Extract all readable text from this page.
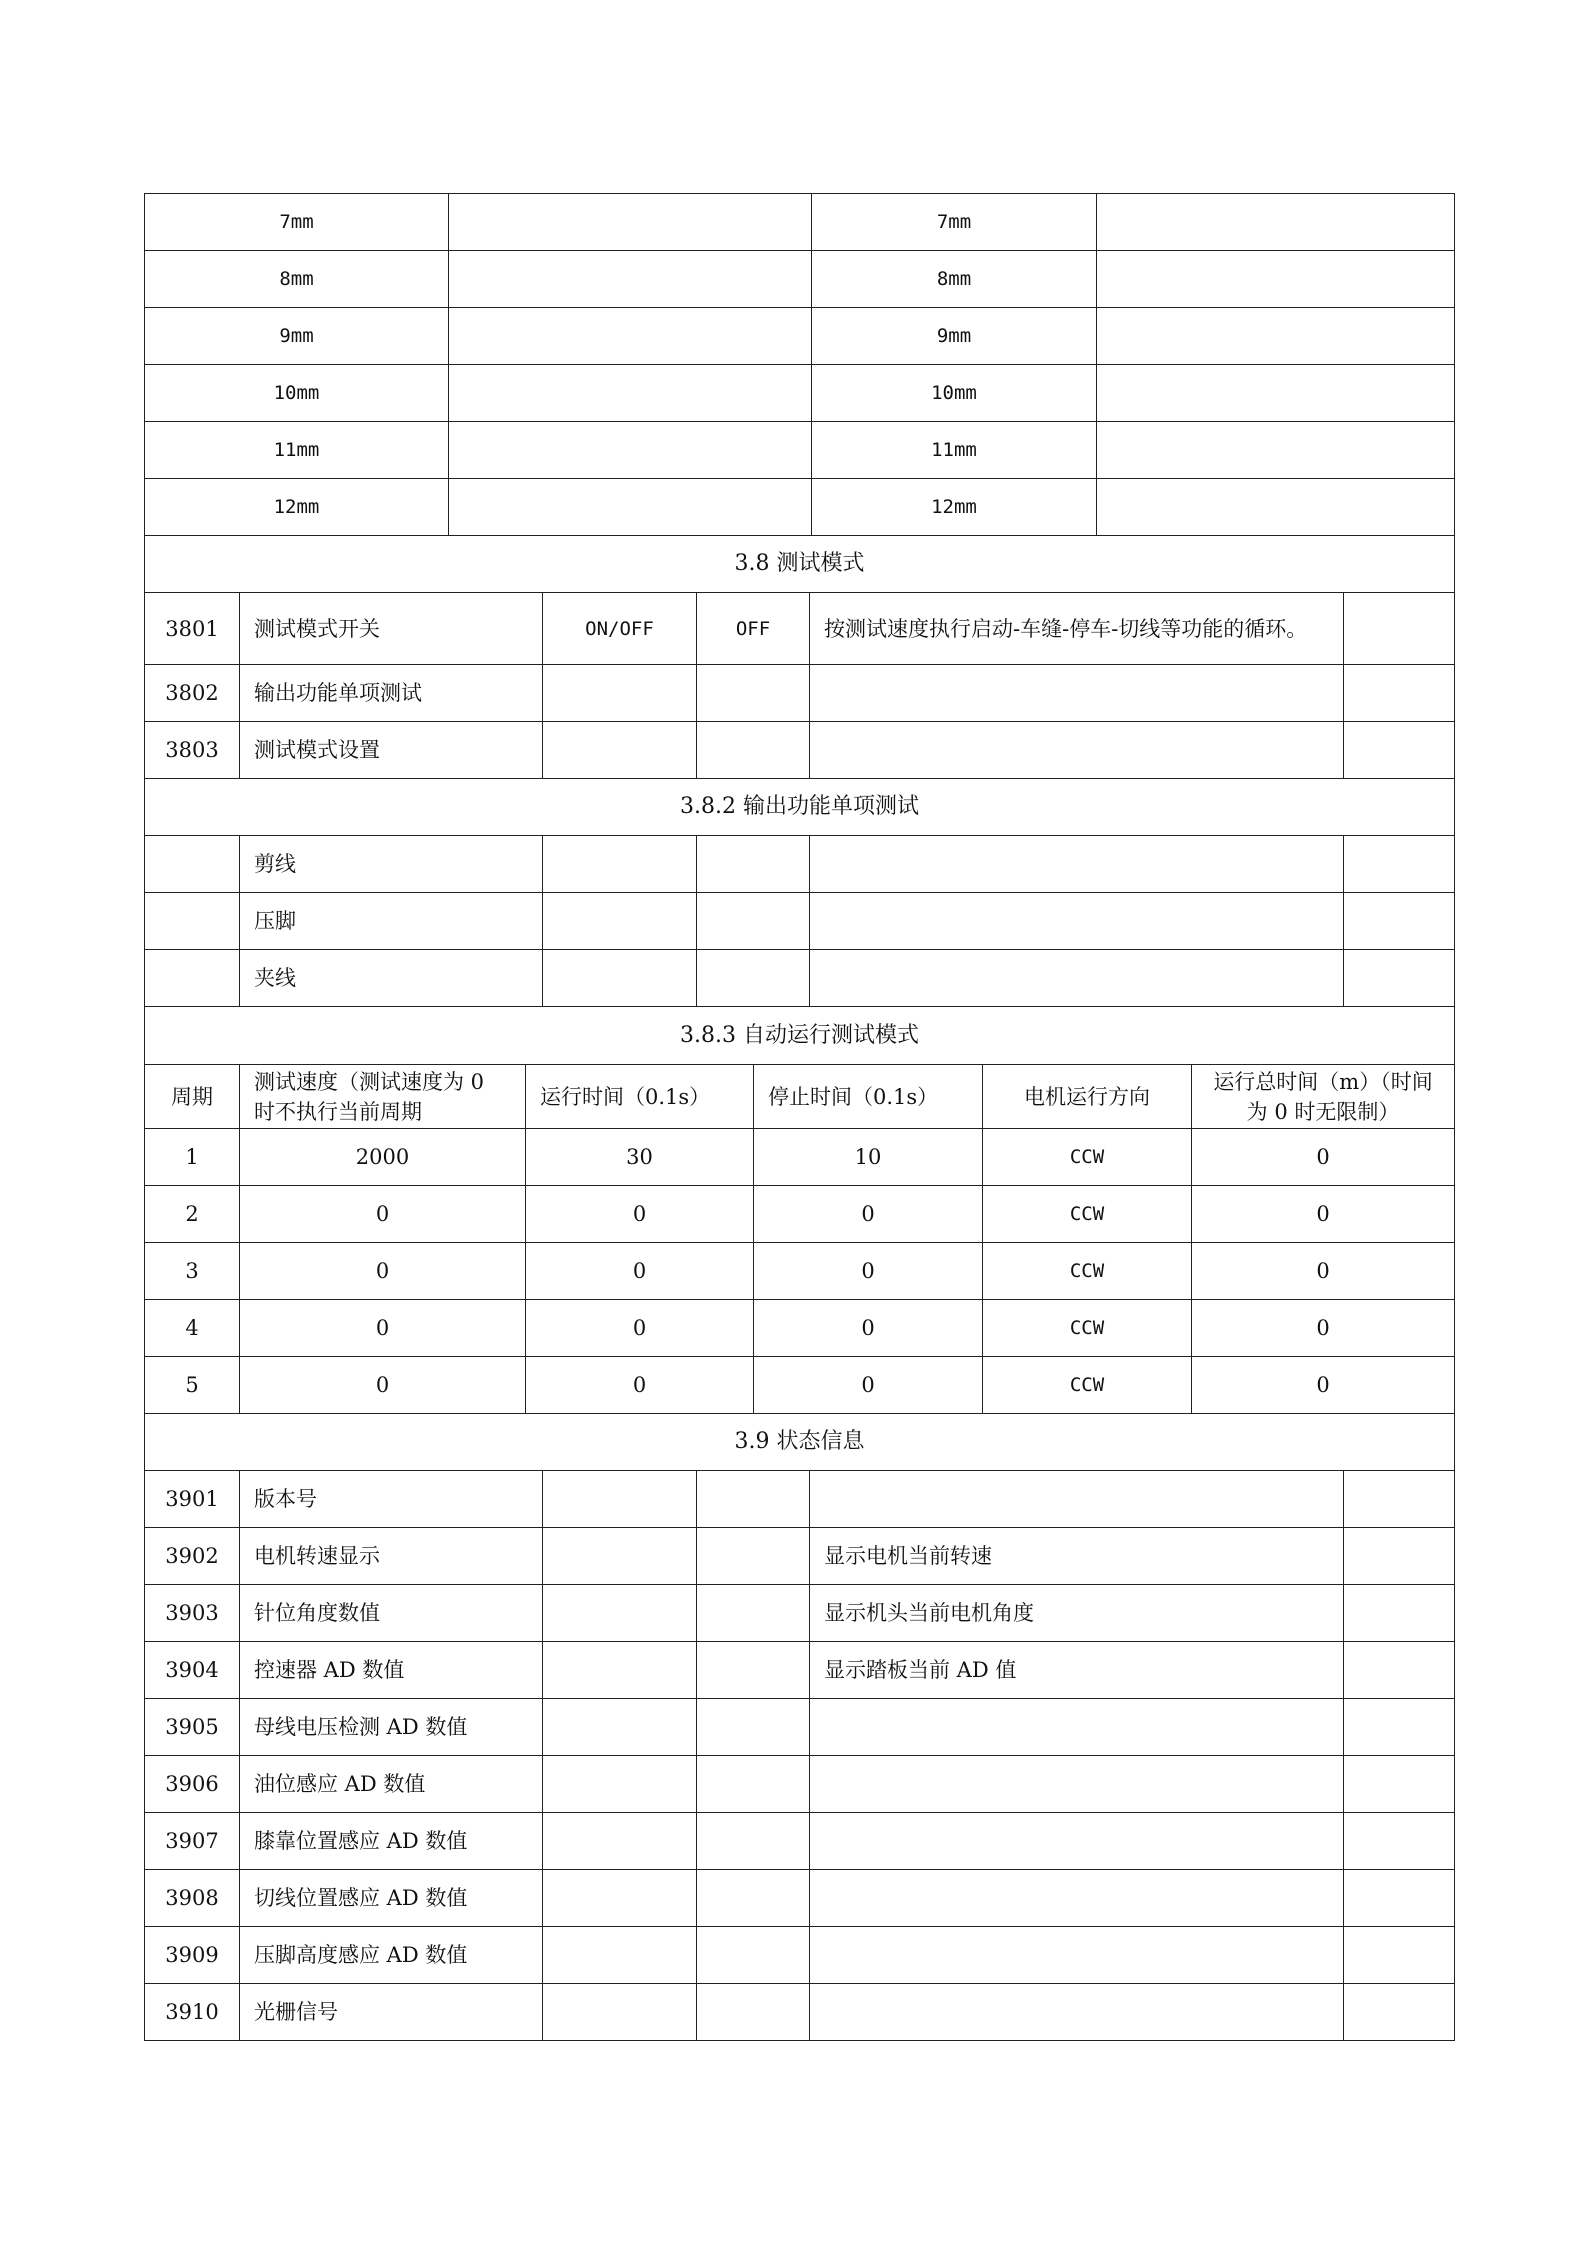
7mm		7mm	
8mm		8mm	
9mm		9mm	
10mm		10mm	
11mm		11mm	
12mm		12mm	
3.8 测试模式					
3801	测试模式开关	ON/OFF	OFF	按测试速度执行启动-车缝-停车-切线等功能的循环。	
3802	输出功能单项测试				
3803	测试模式设置				
3.8.2 输出功能单项测试					
	剪线				
	压脚				
	夹线				
3.8.3 自动运行测试模式					
周期	测试速度（测试速度为 0 时不执行当前周期	运行时间（0.1s）	停止时间（0.1s）	电机运行方向	运行总时间（m）（时间为 0 时无限制）
1	2000	30	10	CCW	0
2	0	0	0	CCW	0
3	0	0	0	CCW	0
4	0	0	0	CCW	0
5	0	0	0	CCW	0
3.9 状态信息					
3901	版本号				
3902	电机转速显示			显示电机当前转速	
3903	针位角度数值			显示机头当前电机角度	
3904	控速器 AD 数值			显示踏板当前 AD 值	
3905	母线电压检测 AD 数值				
3906	油位感应 AD 数值				
3907	膝靠位置感应 AD 数值				
3908	切线位置感应 AD 数值				
3909	压脚高度感应 AD 数值				
3910	光栅信号				
